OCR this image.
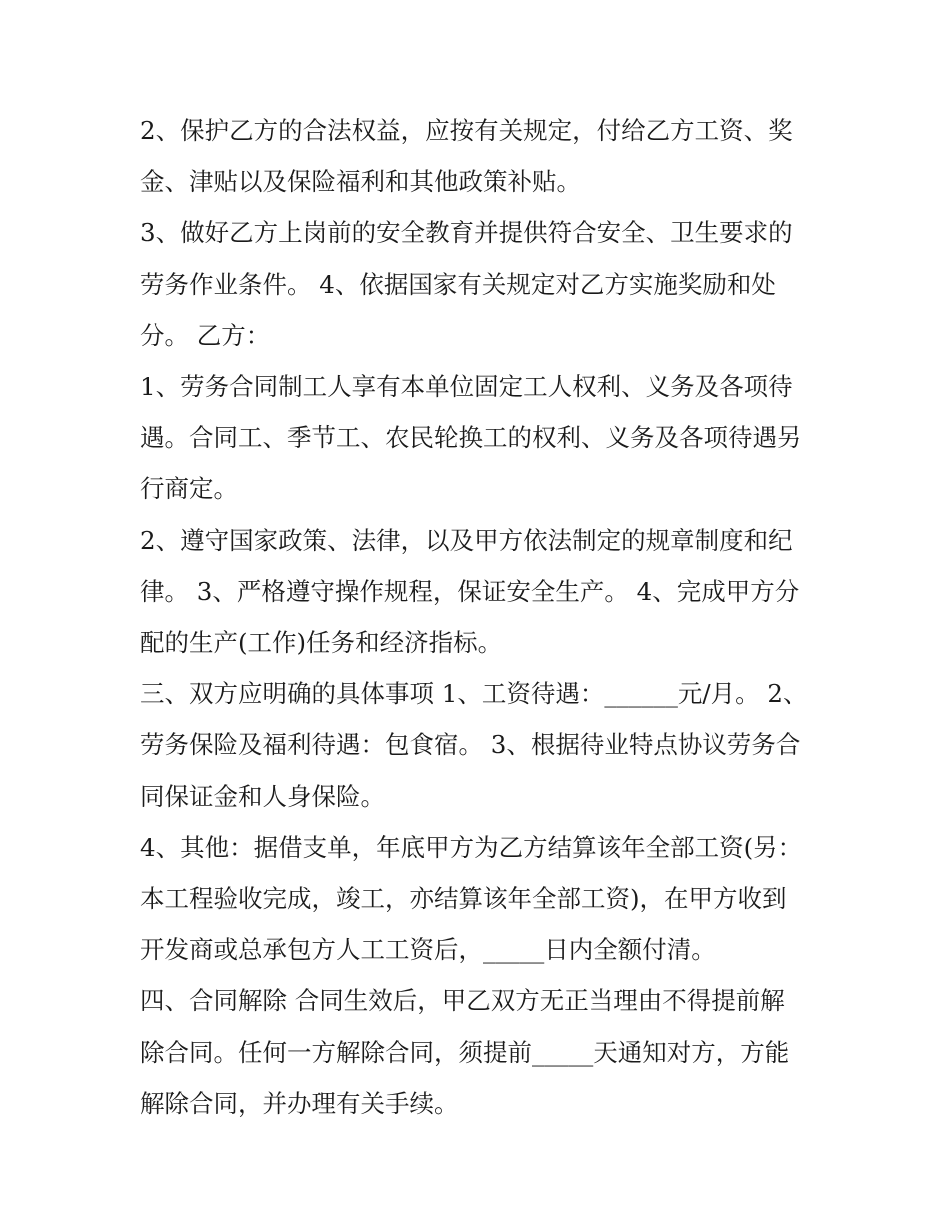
2、保护乙方的合法权益，应按有关规定，付给乙方工资、奖
金、津贴以及保险福利和其他政策补贴。

3、做好乙方上岗前的安全教育并提供符合安全、卫生要求的
劳务作业条件。 4、依据国家有关规定对乙方实施奖励和处
分。 乙方：

1、劳务合同制工人享有本单位固定工人权利、义务及各项待
遇。合同工、季节工、农民轮换工的权利、义务及各项待遇另
行商定。

2、遵守国家政策、法律，以及甲方依法制定的规章制度和纪
律。 3、严格遵守操作规程，保证安全生产。 4、完成甲方分
配的生产(工作)任务和经济指标。

三、双方应明确的具体事项 1、工资待遇：______元/月。 2、
劳务保险及福利待遇：包食宿。 3、根据待业特点协议劳务合
同保证金和人身保险。

4、其他：据借支单，年底甲方为乙方结算该年全部工资(另：
本工程验收完成，竣工，亦结算该年全部工资)，在甲方收到
开发商或总承包方人工工资后，_____日内全额付清。

四、合同解除 合同生效后，甲乙双方无正当理由不得提前解
除合同。任何一方解除合同，须提前_____天通知对方，方能
解除合同，并办理有关手续。
